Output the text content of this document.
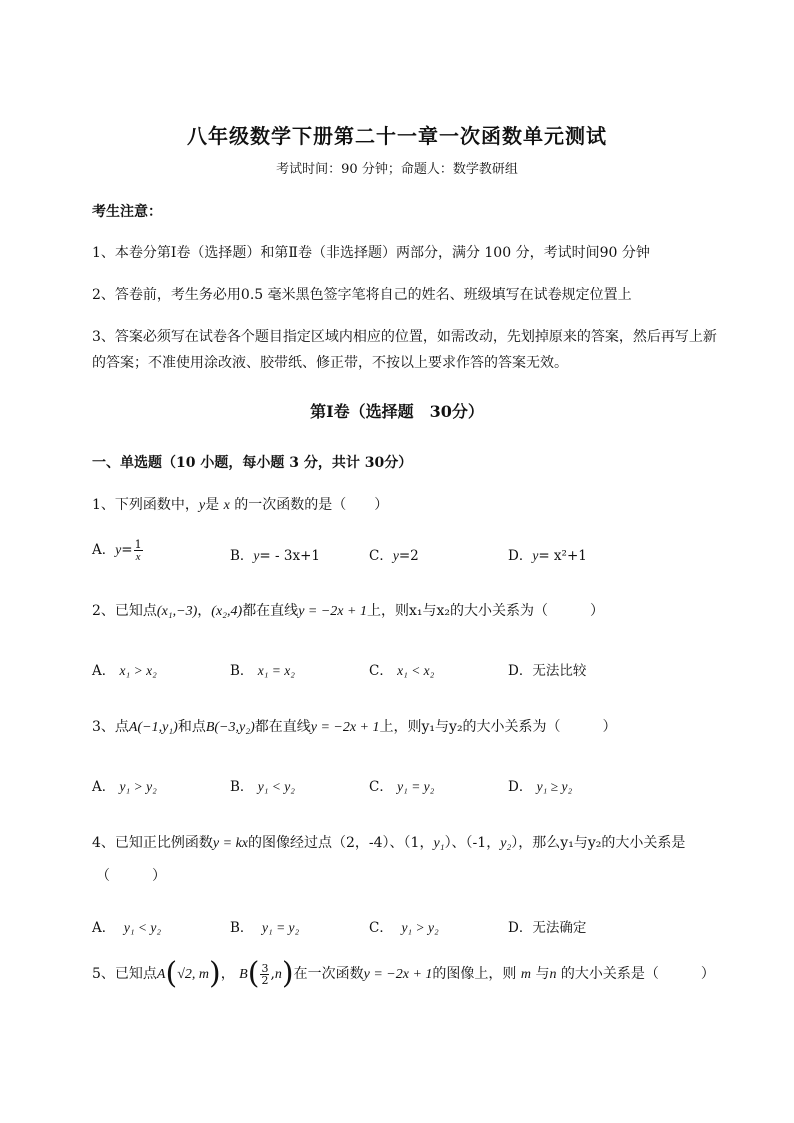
八年级数学下册第二十一章一次函数单元测试
考试时间：90 分钟；命题人：数学教研组
考生注意：
1、本卷分第Ⅰ卷（选择题）和第Ⅱ卷（非选择题）两部分，满分 100 分，考试时间90 分钟
2、答卷前，考生务必用0.5 毫米黑色签字笔将自己的姓名、班级填写在试卷规定位置上
3、答案必须写在试卷各个题目指定区域内相应的位置，如需改动，先划掉原来的答案，然后再写上新
的答案；不准使用涂改液、胶带纸、修正带，不按以上要求作答的答案无效。
第Ⅰ卷（选择题　30分）
一、单选题（10 小题，每小题 3 分，共计 30分）
1、下列函数中，y是 x 的一次函数的是（　　）
A．$y= \frac{1}{x}$	B．y= - 3x+1	C．y=2	D．y= x²+1
2、已知点(x₁,−3)，(x₂,4)都在直线y = −2x + 1上，则x₁与x₂的大小关系为（　　　）
A． x₁ > x₂	B． x₁ = x₂	C． x₁ < x₂	D．无法比较
3、点A(−1,y₁)和点B(−3,y₂)都在直线y = −2x + 1上，则y₁与y₂的大小关系为（　　　）
A． y₁ > y₂	B． y₁ < y₂	C． y₁ = y₂	D． y₁ ≥ y₂
4、已知正比例函数y = kx的图像经过点（2，-4）、（1，y₁）、（-1，y₂），那么y₁与y₂的大小关系是
（　　　）
A． y₁ < y₂	B． y₁ = y₂	C． y₁ > y₂	D．无法确定
5、已知点A(√2, m)， $B( \frac{3}{2} ,n)$在一次函数y = −2x + 1的图像上，则 m 与n 的大小关系是（　　　）
